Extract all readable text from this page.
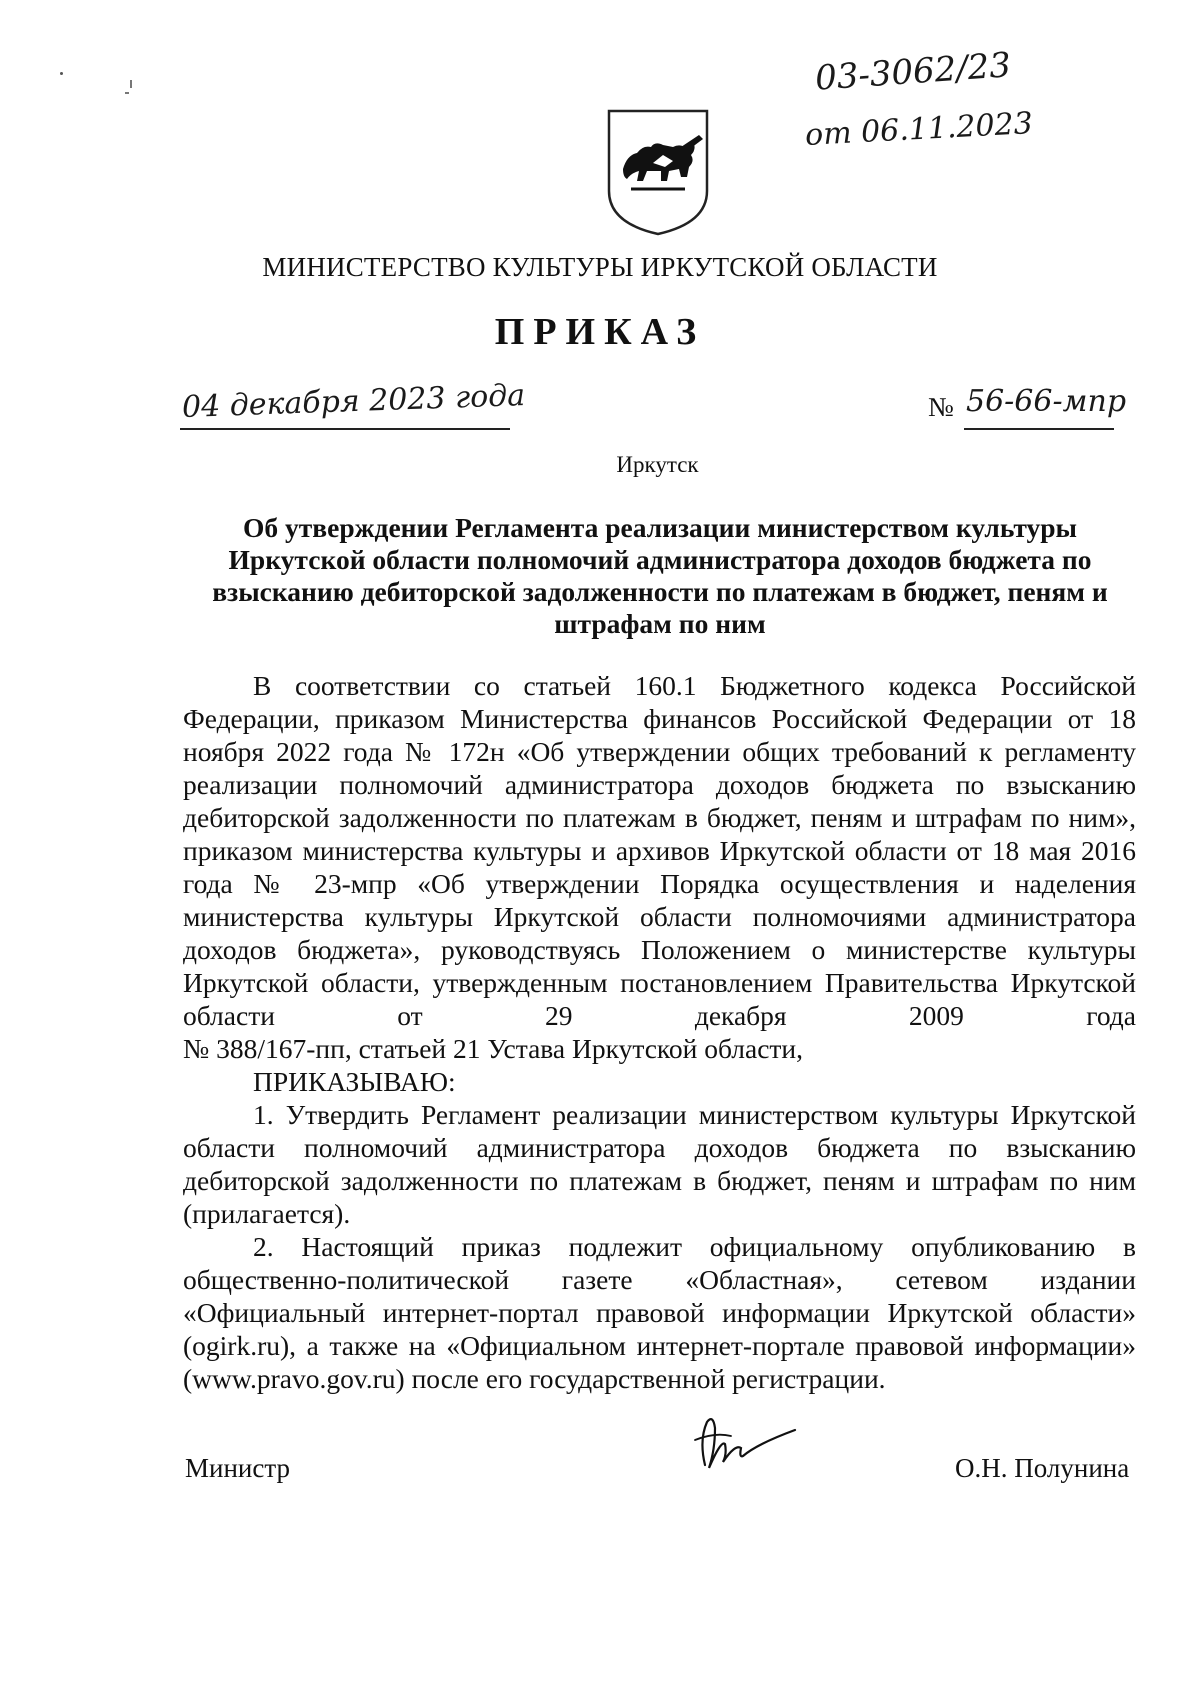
03-3062/23
от 06.11.2023
МИНИСТЕРСТВО КУЛЬТУРЫ ИРКУТСКОЙ ОБЛАСТИ
ПРИКАЗ
04 декабря 2023 года	№ 56-66-мпр
Иркутск
Об утверждении Регламента реализации министерством культуры Иркутской области полномочий администратора доходов бюджета по взысканию дебиторской задолженности по платежам в бюджет, пеням и штрафам по ним

В соответствии со статьей 160.1 Бюджетного кодекса Российской Федерации, приказом Министерства финансов Российской Федерации от 18 ноября 2022 года № 172н «Об утверждении общих требований к регламенту реализации полномочий администратора доходов бюджета по взысканию дебиторской задолженности по платежам в бюджет, пеням и штрафам по ним», приказом министерства культуры и архивов Иркутской области от 18 мая 2016 года № 23-мпр «Об утверждении Порядка осуществления и наделения министерства культуры Иркутской области полномочиями администратора доходов бюджета», руководствуясь Положением о министерстве культуры Иркутской области, утвержденным постановлением Правительства Иркутской области от 29 декабря 2009 года

№ 388/167-пп, статьей 21 Устава Иркутской области,

ПРИКАЗЫВАЮ:

1. Утвердить Регламент реализации министерством культуры Иркутской области полномочий администратора доходов бюджета по взысканию дебиторской задолженности по платежам в бюджет, пеням и штрафам по ним (прилагается).

2. Настоящий приказ подлежит официальному опубликованию в общественно-политической газете «Областная», сетевом издании «Официальный интернет-портал правовой информации Иркутской области» (ogirk.ru), а также на «Официальном интернет-портале правовой информации» (www.pravo.gov.ru) после его государственной регистрации.

Министр	О.Н. Полунина
